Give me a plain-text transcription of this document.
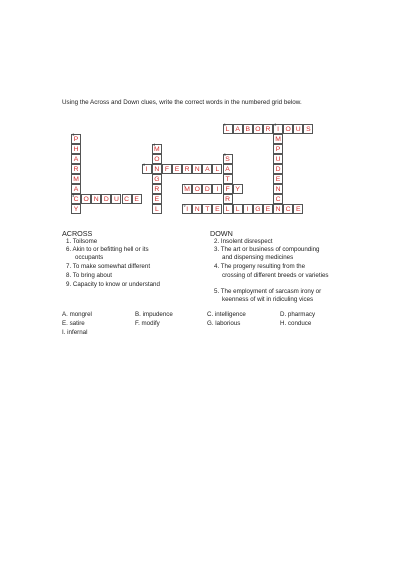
Using the Across and Down clues, write the correct words in the numbered grid below.
L
1
A B O R I
2
O U S
P
3
M
H	M
4
P
A	O	S
5
U
R	I
6
N F E R N A L A	D
M	G	T	E
A	R	M
7
O D I	F Y	N
C
8
O N D U C E	E	R	C
Y	L	I
9
N T E L L	I G E N C E
ACROSS
1. Toilsome
6. Akin to or befitting hell or its
occupants
7. To make somewhat different
8. To bring about
9. Capacity to know or understand
DOWN
2. Insolent disrespect
3. The art or business of compounding
and dispensing medicines
4. The progeny resulting from the
crossing of different breeds or varieties
5. The employment of sarcasm irony or
keenness of wit in ridiculing vices
A. mongrel	B. impudence	C. intelligence	D. pharmacy
E. satire	F. modify	G. laborious	H. conduce
I. infernal
